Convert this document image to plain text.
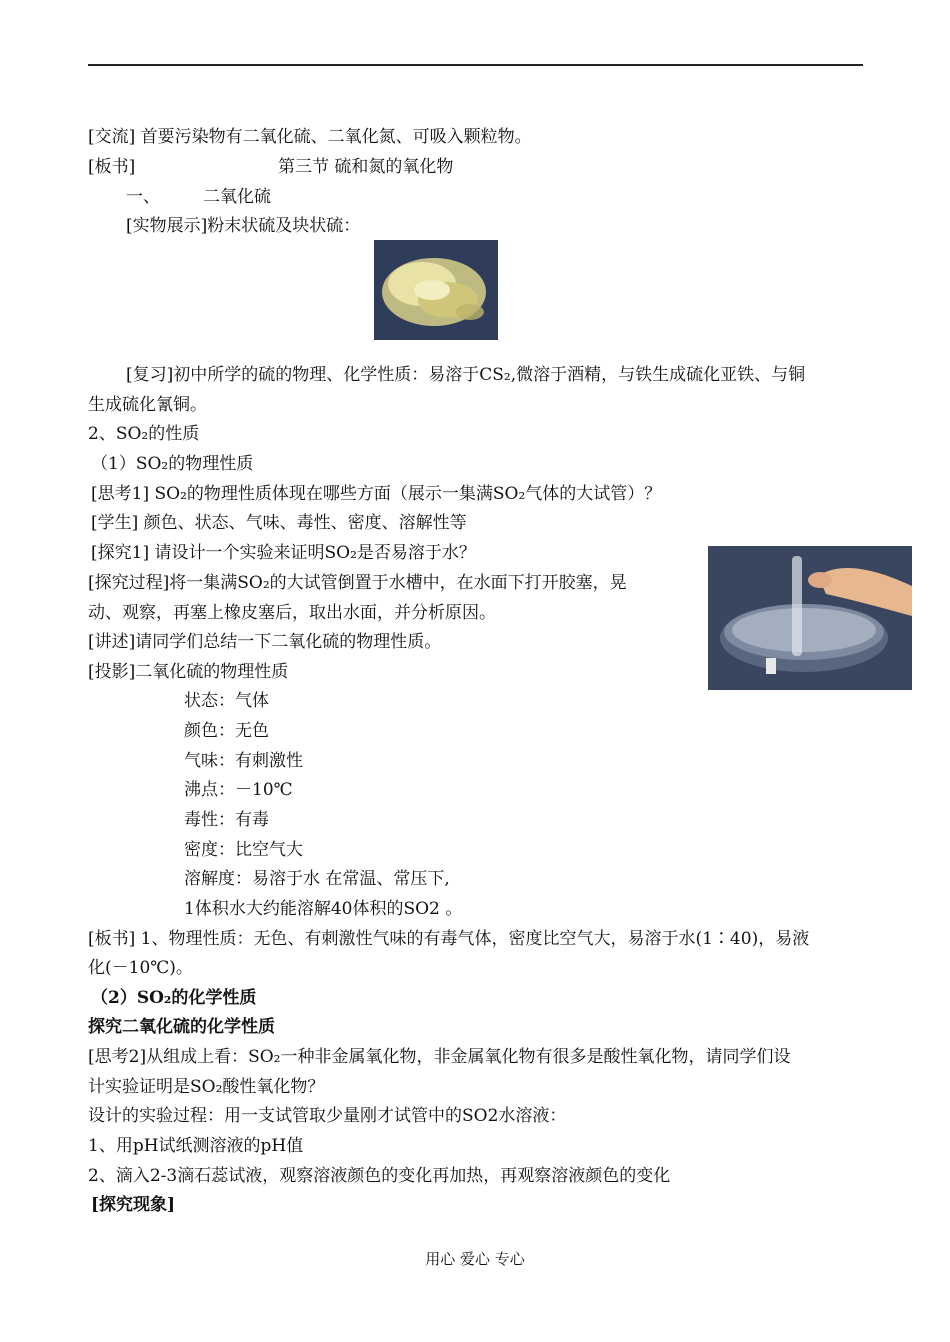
[交流] 首要污染物有二氧化硫、二氧化氮、可吸入颗粒物。
[板书]	第三节 硫和氮的氧化物
一、	二氧化硫
[实物展示]粉末状硫及块状硫：
[复习]初中所学的硫的物理、化学性质：易溶于CS₂,微溶于酒精，与铁生成硫化亚铁、与铜
生成硫化氰铜。
2、SO₂的性质
（1）SO₂的物理性质
[思考1] SO₂的物理性质体现在哪些方面（展示一集满SO₂气体的大试管）？
[学生] 颜色、状态、气味、毒性、密度、溶解性等
[探究1] 请设计一个实验来证明SO₂是否易溶于水？
[探究过程]将一集满SO₂的大试管倒置于水槽中，在水面下打开胶塞，晃
动、观察，再塞上橡皮塞后，取出水面，并分析原因。
[讲述]请同学们总结一下二氧化硫的物理性质。
[投影]二氧化硫的物理性质
状态：气体
颜色：无色
气味：有刺激性
沸点：－10℃
毒性：有毒
密度：比空气大
溶解度：易溶于水 在常温、常压下,
1体积水大约能溶解40体积的SO2 。
[板书] 1、物理性质：无色、有刺激性气味的有毒气体，密度比空气大，易溶于水(1∶40)，易液
化(－10℃)。
（2）SO₂的化学性质
探究二氧化硫的化学性质
[思考2]从组成上看：SO₂一种非金属氧化物，非金属氧化物有很多是酸性氧化物，请同学们设
计实验证明是SO₂酸性氧化物？
设计的实验过程：用一支试管取少量刚才试管中的SO2水溶液：
1、用pH试纸测溶液的pH值
2、滴入2-3滴石蕊试液，观察溶液颜色的变化再加热，再观察溶液颜色的变化
[探究现象]
用心 爱心 专心
